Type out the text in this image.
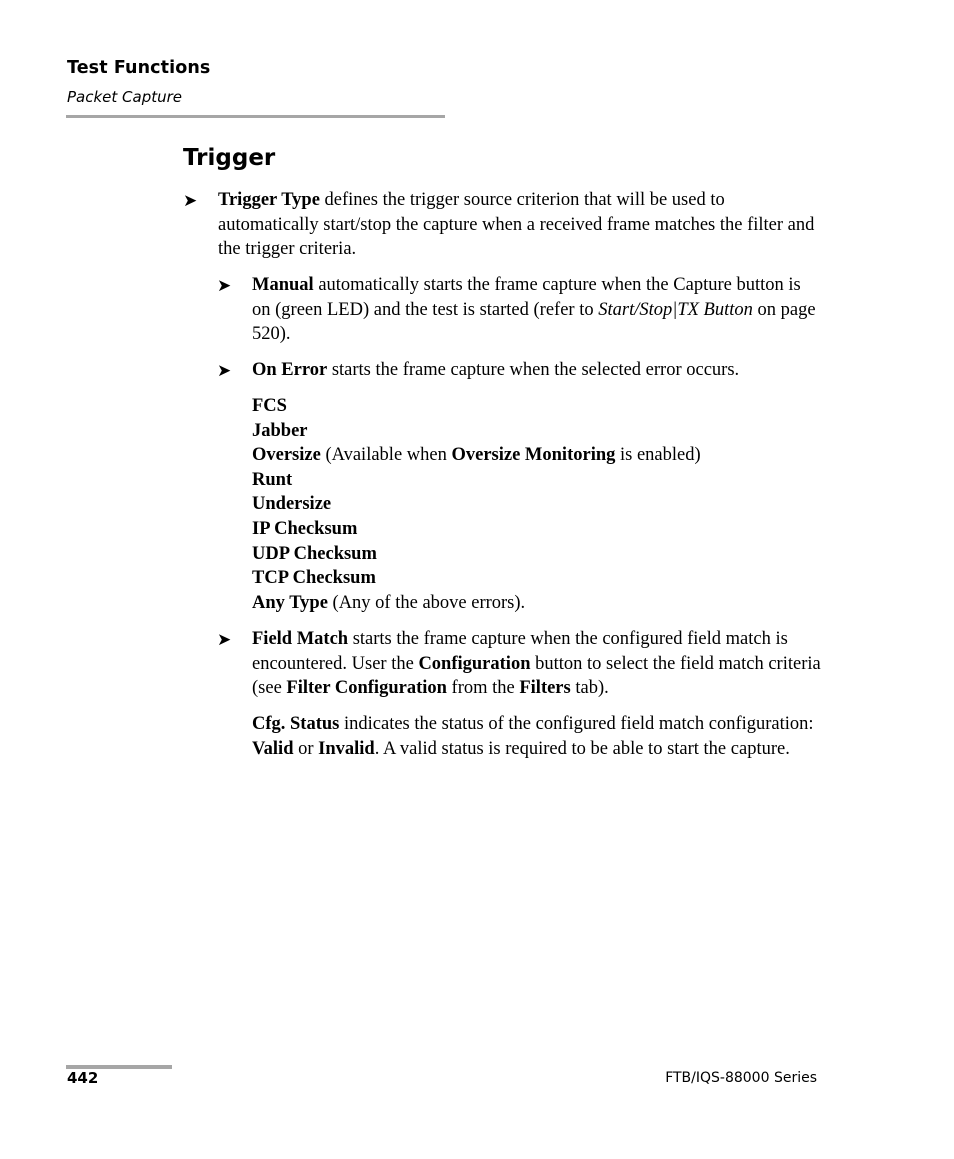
Test Functions
Packet Capture
Trigger
➤ Trigger Type defines the trigger source criterion that will be used to automatically start/stop the capture when a received frame matches the filter and the trigger criteria.
➤ Manual automatically starts the frame capture when the Capture button is on (green LED) and the test is started (refer to Start/Stop|TX Button on page 520).
➤ On Error starts the frame capture when the selected error occurs.
FCS
Jabber
Oversize (Available when Oversize Monitoring is enabled)
Runt
Undersize
IP Checksum
UDP Checksum
TCP Checksum
Any Type (Any of the above errors).
➤ Field Match starts the frame capture when the configured field match is encountered. User the Configuration button to select the field match criteria (see Filter Configuration from the Filters tab).
Cfg. Status indicates the status of the configured field match configuration: Valid or Invalid. A valid status is required to be able to start the capture.
442	FTB/IQS-88000 Series
